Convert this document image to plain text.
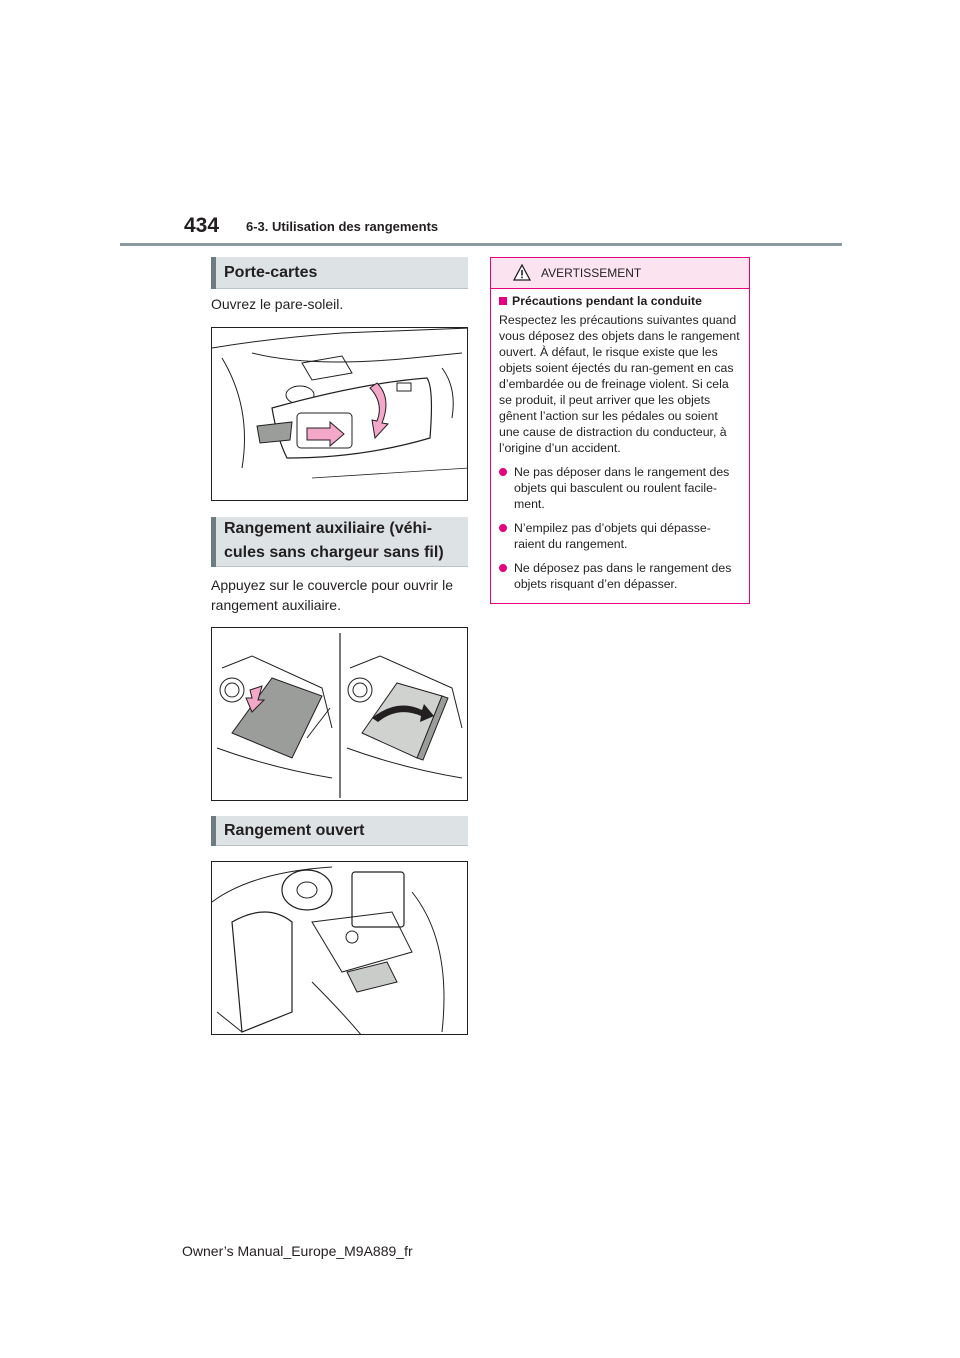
434 6-3. Utilisation des rangements
Porte-cartes
Ouvrez le pare-soleil.
Rangement auxiliaire (véhi-
cules sans chargeur sans fil)
Appuyez sur le couvercle pour ouvrir le rangement auxiliaire.
Rangement ouvert
AVERTISSEMENT
Précautions pendant la conduite
Respectez les précautions suivantes quand vous déposez des objets dans le rangement ouvert. À défaut, le risque existe que les objets soient éjectés du ran-gement en cas d’embardée ou de freinage violent. Si cela se produit, il peut arriver que les objets gênent l’action sur les pédales ou soient une cause de distraction du conducteur, à l’origine d’un accident.
Ne pas déposer dans le rangement des objets qui basculent ou roulent facile-ment.
N’empilez pas d’objets qui dépasse-raient du rangement.
Ne déposez pas dans le rangement des objets risquant d’en dépasser.
Owner’s Manual_Europe_M9A889_fr
